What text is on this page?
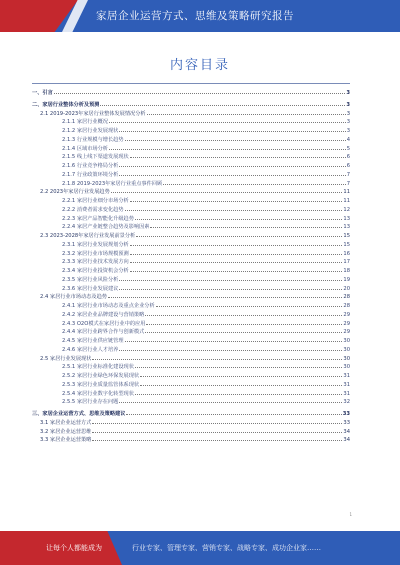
家居企业运营方式、思维及策略研究报告
内容目录
一、引言	3
二、家居行业整体分析及预测	3
2.1 2019-2023年家居行业整体发展情况分析	3
2.1.1 家居行业概况	3
2.1.2 家居行业发展现状	3
2.1.3 行业规模与增长趋势	4
2.1.4 区域市场分析	5
2.1.5 线上线下渠道发展现状	6
2.1.6 行业竞争格局分析	6
2.1.7 行业政策环境分析	7
2.1.8 2019-2023年家居行业重点事件回顾	7
2.2 2023年家居行业发展趋势	11
2.2.1 家居行业细分市场分析	11
2.2.2 消费者需求变化趋势	12
2.2.3 家居产品智能化升级趋势	13
2.2.4 家居产业链整合趋势及影响因素	13
2.3 2023-2028年家居行业发展前景分析	15
2.3.1 家居行业发展规划分析	15
2.3.2 家居行业市场规模预测	16
2.3.3 家居行业技术发展方向	17
2.3.4 家居行业投资机会分析	18
2.3.5 家居行业风险分析	19
2.3.6 家居行业发展建议	20
2.4 家居行业市场动态及趋势	28
2.4.1 家居行业市场动态及重点企业分析	28
2.4.2 家居企业品牌建设与营销策略	29
2.4.3 O2O模式在家居行业中的应用	29
2.4.4 家居行业跨界合作与创新模式	29
2.4.5 家居行业供应链管理	30
2.4.6 家居行业人才培养	30
2.5 家居行业发展现状	30
2.5.1 家居行业标准化建设现状	30
2.5.2 家居行业绿色环保发展现状	31
2.5.3 家居行业质量监管体系现状	31
2.5.4 家居行业数字化转型现状	31
2.5.5 家居行业存在问题	32
三、家居企业运营方式、思维及策略建议	33
3.1 家居企业运营方式	33
3.2 家居企业运营思维	34
3.3 家居企业运营策略	34
1
让每个人都能成为	行业专家、管理专家、营销专家、战略专家、成功企业家……
